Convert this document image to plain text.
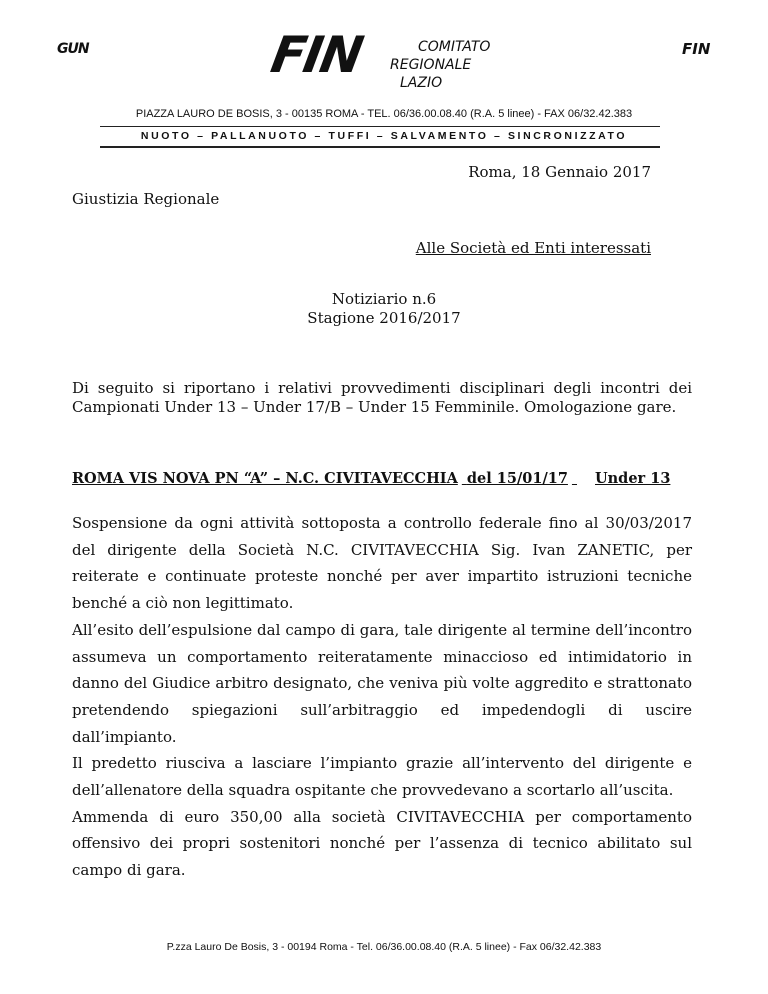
GUN	FIN	COMITATO
REGIONALE
LAZIO
FIN
PIAZZA LAURO DE BOSIS, 3 - 00135 ROMA - TEL. 06/36.00.08.40 (R.A. 5 linee) - FAX 06/32.42.383
NUOTO – PALLANUOTO – TUFFI – SALVAMENTO – SINCRONIZZATO
Roma, 18 Gennaio 2017
Giustizia Regionale
Alle Società ed Enti interessati
Notiziario n.6
Stagione 2016/2017
Di seguito si riportano i relativi provvedimenti disciplinari degli incontri dei Campionati Under 13 – Under 17/B – Under 15 Femminile. Omologazione gare.
ROMA VIS NOVA PN “A” – N.C. CIVITAVECCHIA del 15/01/17 Under 13

Sospensione da ogni attività sottoposta a controllo federale fino al 30/03/2017 del dirigente della Società N.C. CIVITAVECCHIA Sig. Ivan ZANETIC, per reiterate e continuate proteste nonché per aver impartito istruzioni tecniche benché a ciò non legittimato.

All’esito dell’espulsione dal campo di gara, tale dirigente al termine dell’incontro assumeva un comportamento reiteratamente minaccioso ed intimidatorio in danno del Giudice arbitro designato, che veniva più volte aggredito e strattonato pretendendo spiegazioni sull’arbitraggio ed impedendogli di uscire dall’impianto.

Il predetto riusciva a lasciare l’impianto grazie all’intervento del dirigente e dell’allenatore della squadra ospitante che provvedevano a scortarlo all’uscita.

Ammenda di euro 350,00 alla società CIVITAVECCHIA per comportamento offensivo dei propri sostenitori nonché per l’assenza di tecnico abilitato sul campo di gara.

P.zza Lauro De Bosis, 3 - 00194 Roma - Tel. 06/36.00.08.40 (R.A. 5 linee) - Fax 06/32.42.383
